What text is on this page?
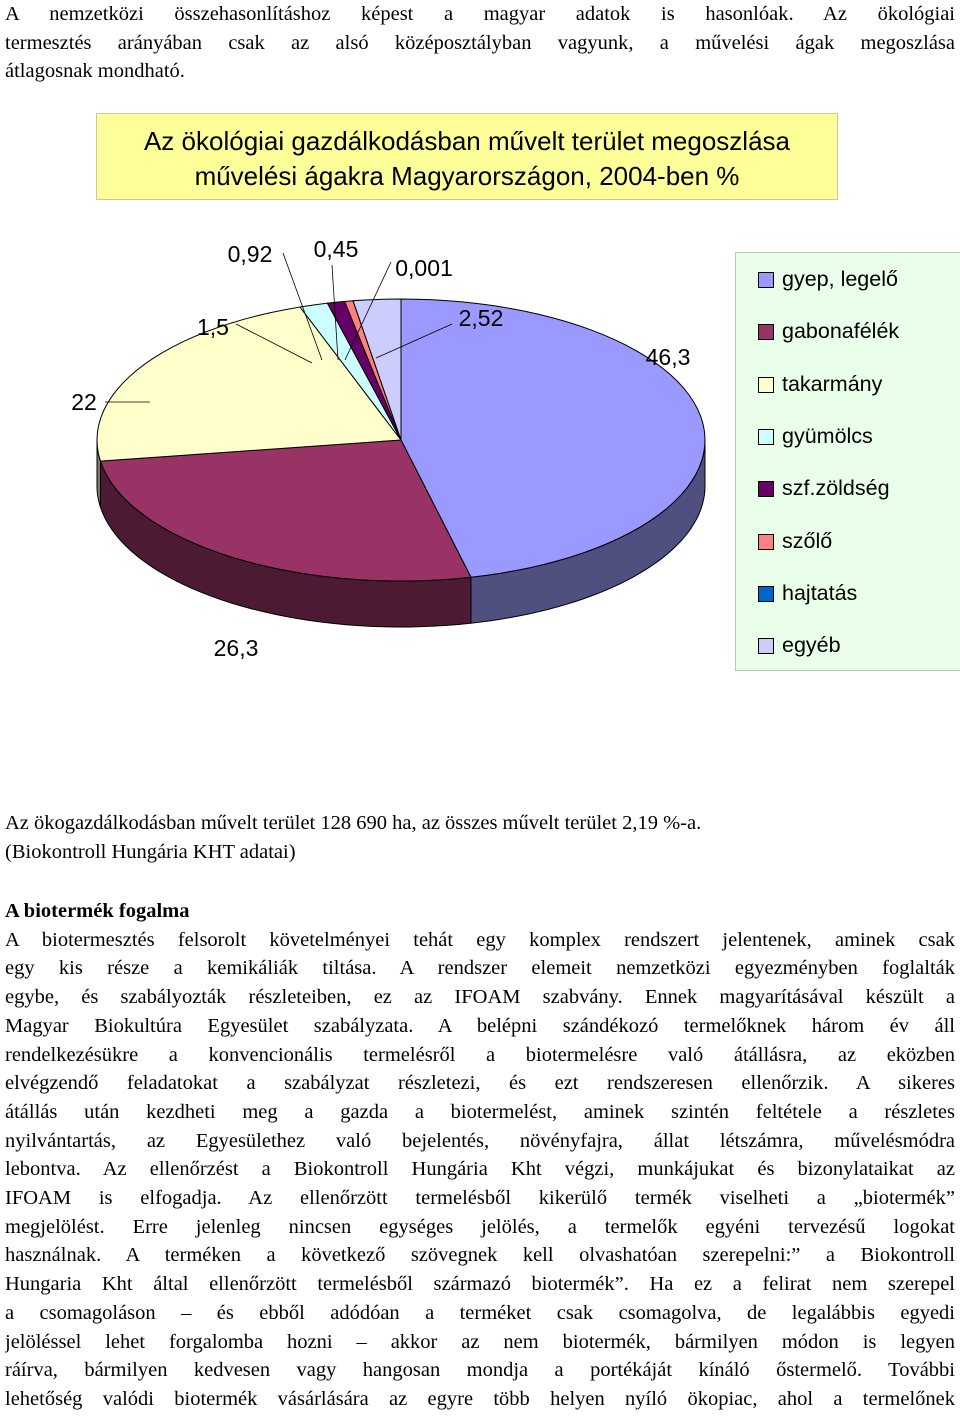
A nemzetközi összehasonlításhoz képest a magyar adatok is hasonlóak. Az ökológiai
termesztés arányában csak az alsó középosztályban vagyunk, a művelési ágak megoszlása
átlagosnak mondható.
Az ökológiai gazdálkodásban művelt terület megoszlása
művelési ágakra Magyarországon, 2004-ben %
46,3
26,3
22
1,5
0,92 0,45
0,001
2,52
gyep, legelő
gabonafélék
takarmány
gyümölcs
szf.zöldség
szőlő
hajtatás
egyéb
Az ökogazdálkodásban művelt terület 128 690 ha, az összes művelt terület 2,19 %-a.
(Biokontroll Hungária KHT adatai)
A biotermék fogalma
A biotermesztés felsorolt követelményei tehát egy komplex rendszert jelentenek, aminek csak
egy kis része a kemikáliák tiltása. A rendszer elemeit nemzetközi egyezményben foglalták
egybe, és szabályozták részleteiben, ez az IFOAM szabvány. Ennek magyarításával készült a
Magyar Biokultúra Egyesület szabályzata. A belépni szándékozó termelőknek három év áll
rendelkezésükre a konvencionális termelésről a biotermelésre való átállásra, az eközben
elvégzendő feladatokat a szabályzat részletezi, és ezt rendszeresen ellenőrzik. A sikeres
átállás után kezdheti meg a gazda a biotermelést, aminek szintén feltétele a részletes
nyilvántartás, az Egyesülethez való bejelentés, növényfajra, állat létszámra, művelésmódra
lebontva. Az ellenőrzést a Biokontroll Hungária Kht végzi, munkájukat és bizonylataikat az
IFOAM is elfogadja. Az ellenőrzött termelésből kikerülő termék viselheti a „biotermék”
megjelölést. Erre jelenleg nincsen egységes jelölés, a termelők egyéni tervezésű logokat
használnak. A terméken a következő szövegnek kell olvashatóan szerepelni:” a Biokontroll
Hungaria Kht által ellenőrzött termelésből származó biotermék”. Ha ez a felirat nem szerepel
a csomagoláson – és ebből adódóan a terméket csak csomagolva, de legalábbis egyedi
jelöléssel lehet forgalomba hozni – akkor az nem biotermék, bármilyen módon is legyen
ráírva, bármilyen kedvesen vagy hangosan mondja a portékáját kínáló őstermelő. További
lehetőség valódi biotermék vásárlására az egyre több helyen nyíló ökopiac, ahol a termelőnek
